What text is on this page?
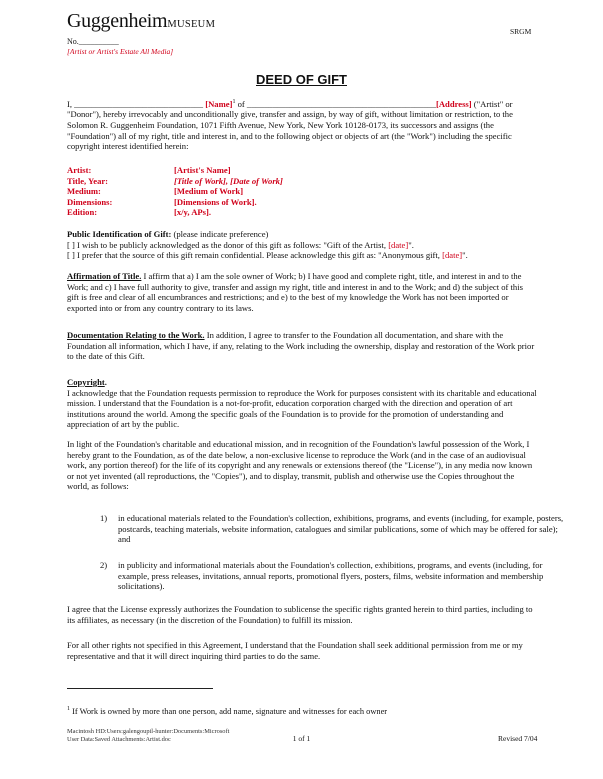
GuggenheimMUSEUM
SRGM
No.__________
[Artist or Artist's Estate All Media]
DEED OF GIFT
I, ______________________________ [Name]$^1$ of ____________________________________________[Address] ("Artist" or "Donor"), hereby irrevocably and unconditionally give, transfer and assign, by way of gift, without limitation or restriction, to the Solomon R. Guggenheim Foundation, 1071 Fifth Avenue, New York, New York 10128-0173, its successors and assigns (the "Foundation") all of my right, title and interest in, and to the following object or objects of art (the "Work") including the specific copyright interest identified herein:
Artist:	[Artist's Name]
Title, Year:	[Title of Work], [Date of Work]
Medium:	[Medium of Work]
Dimensions:	[Dimensions of Work].
Edition:	[x/y, APs].
Public Identification of Gift: (please indicate preference)
[ ] I wish to be publicly acknowledged as the donor of this gift as follows: "Gift of the Artist, [date]".
[ ] I prefer that the source of this gift remain confidential. Please acknowledge this gift as: "Anonymous gift, [date]".
Affirmation of Title. I affirm that a) I am the sole owner of Work; b) I have good and complete right, title, and interest in and to the Work; and c) I have full authority to give, transfer and assign my right, title and interest in and to the Work; and d) the subject of this gift is free and clear of all encumbrances and restrictions; and e) to the best of my knowledge the Work has not been imported or exported into or from any country contrary to its laws.
Documentation Relating to the Work. In addition, I agree to transfer to the Foundation all documentation, and share with the Foundation all information, which I have, if any, relating to the Work including the ownership, display and restoration of the Work prior to the date of this Gift.
Copyright.
I acknowledge that the Foundation requests permission to reproduce the Work for purposes consistent with its charitable and educational mission. I understand that the Foundation is a not-for-profit, education corporation charged with the direction and operation of art institutions around the world. Among the specific goals of the Foundation is to provide for the promotion of understanding and appreciation of art by the public.
In light of the Foundation's charitable and educational mission, and in recognition of the Foundation's lawful possession of the Work, I hereby grant to the Foundation, as of the date below, a non-exclusive license to reproduce the Work (and in the case of an audiovisual work, any portion thereof) for the life of its copyright and any renewals or extensions thereof (the "License"), in any media now known or not yet invented (all reproductions, the "Copies"), and to display, transmit, publish and otherwise use the Copies throughout the world, as follows:
1) in educational materials related to the Foundation's collection, exhibitions, programs, and events (including, for example, posters, postcards, teaching materials, website information, catalogues and similar publications, some of which may be offered for sale); and
2) in publicity and informational materials about the Foundation's collection, exhibitions, programs, and events (including, for example, press releases, invitations, annual reports, promotional flyers, posters, films, website information and membership solicitations).
I agree that the License expressly authorizes the Foundation to sublicense the specific rights granted herein to third parties, including to its affiliates, as necessary (in the discretion of the Foundation) to fulfill its mission.
For all other rights not specified in this Agreement, I understand that the Foundation shall seek additional permission from me or my representative and that it will direct inquiring third parties to do the same.
$^1$ If Work is owned by more than one person, add name, signature and witnesses for each owner
Macintosh HD:Users:galengoupil-hunter:Documents:Microsoft
User Data:Saved Attachments:Artist.doc	1 of 1	Revised 7/04
